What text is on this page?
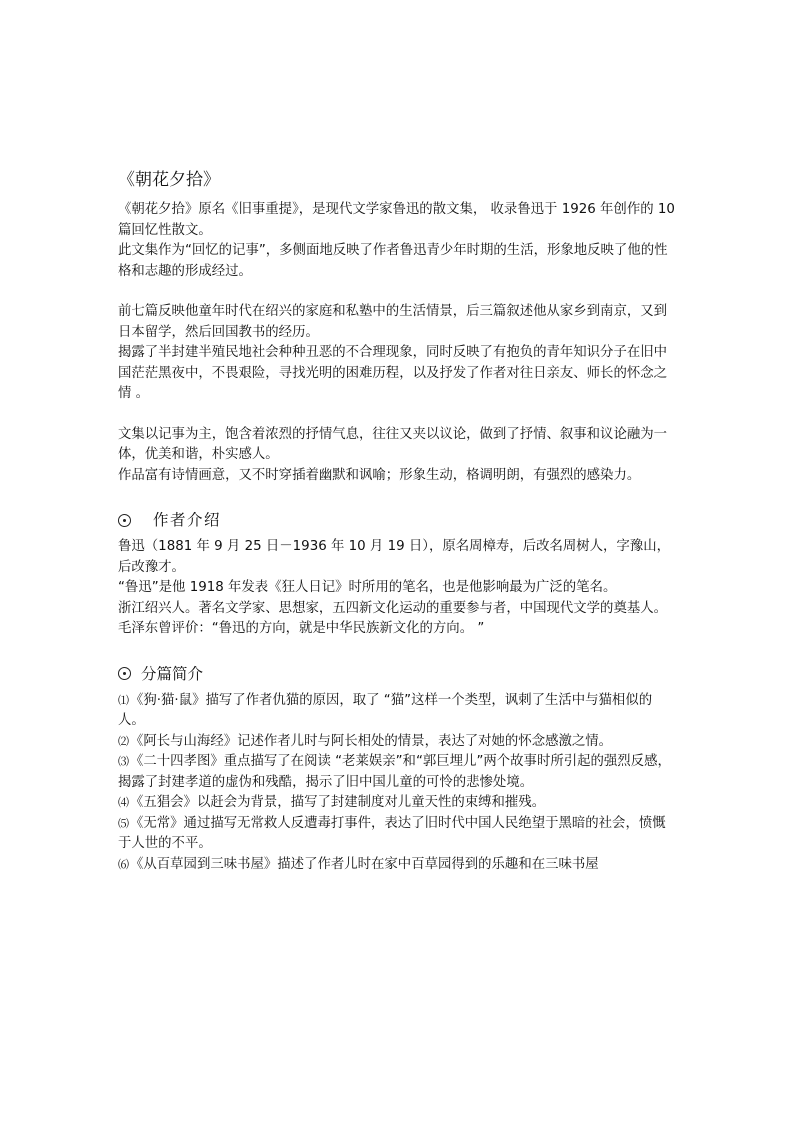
《朝花夕拾》

《朝花夕拾》原名《旧事重提》，是现代文学家鲁迅的散文集， 收录鲁迅于 1926 年创作的 10 篇回忆性散文。

此文集作为“回忆的记事”，多侧面地反映了作者鲁迅青少年时期的生活，形象地反映了他的性格和志趣的形成经过。

前七篇反映他童年时代在绍兴的家庭和私塾中的生活情景，后三篇叙述他从家乡到南京，又到日本留学，然后回国教书的经历。

揭露了半封建半殖民地社会种种丑恶的不合理现象，同时反映了有抱负的青年知识分子在旧中国茫茫黑夜中，不畏艰险，寻找光明的困难历程，以及抒发了作者对往日亲友、师长的怀念之情 。

文集以记事为主，饱含着浓烈的抒情气息，往往又夹以议论，做到了抒情、叙事和议论融为一体，优美和谐，朴实感人。

作品富有诗情画意，又不时穿插着幽默和讽喻；形象生动，格调明朗，有强烈的感染力。

作者介绍

鲁迅（1881 年 9 月 25 日－1936 年 10 月 19 日），原名周樟寿，后改名周树人，字豫山，后改豫才。

“鲁迅”是他 1918 年发表《狂人日记》时所用的笔名，也是他影响最为广泛的笔名。

浙江绍兴人。著名文学家、思想家，五四新文化运动的重要参与者，中国现代文学的奠基人。

毛泽东曾评价：“鲁迅的方向，就是中华民族新文化的方向。 ”

分篇简介

⑴《狗·猫·鼠》描写了作者仇猫的原因，取了 “猫”这样一个类型，讽刺了生活中与猫相似的人。

⑵《阿长与山海经》记述作者儿时与阿长相处的情景，表达了对她的怀念感激之情。

⑶《二十四孝图》重点描写了在阅读 “老莱娱亲”和“郭巨埋儿”两个故事时所引起的强烈反感，揭露了封建孝道的虚伪和残酷，揭示了旧中国儿童的可怜的悲惨处境。

⑷《五猖会》以赶会为背景，描写了封建制度对儿童天性的束缚和摧残。

⑸《无常》通过描写无常救人反遭毒打事件，表达了旧时代中国人民绝望于黑暗的社会，愤慨于人世的不平。

⑹《从百草园到三味书屋》描述了作者儿时在家中百草园得到的乐趣和在三味书屋
